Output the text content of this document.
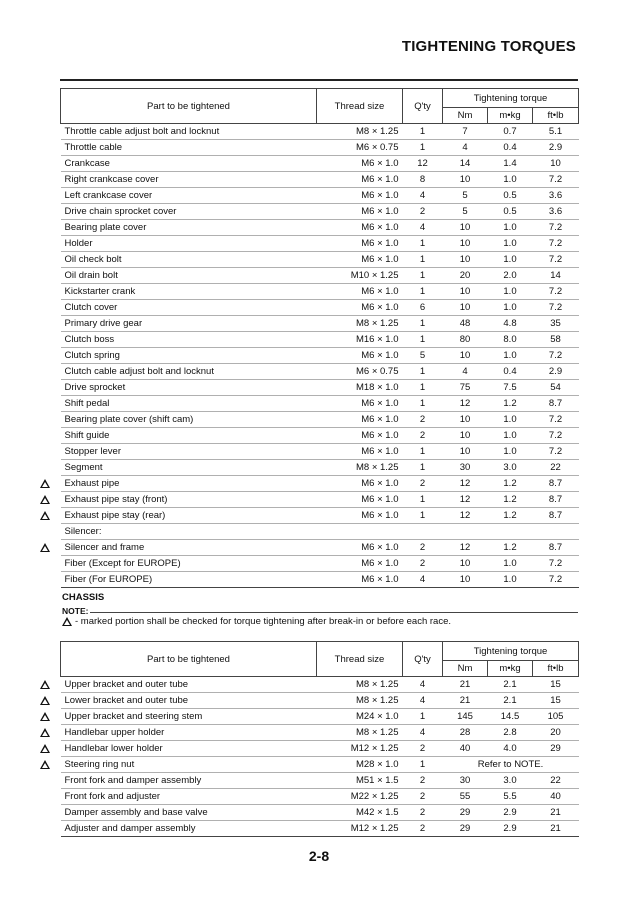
TIGHTENING TORQUES
Part to be tightened	Thread size	Q'ty	Tightening torque		
			Nm	m•kg	ft•lb
Throttle cable adjust bolt and locknut	M8 × 1.25	1	7	0.7	5.1
Throttle cable	M6 × 0.75	1	4	0.4	2.9
Crankcase	M6 × 1.0	12	14	1.4	10
Right crankcase cover	M6 × 1.0	8	10	1.0	7.2
Left crankcase cover	M6 × 1.0	4	5	0.5	3.6
Drive chain sprocket cover	M6 × 1.0	2	5	0.5	3.6
Bearing plate cover	M6 × 1.0	4	10	1.0	7.2
Holder	M6 × 1.0	1	10	1.0	7.2
Oil check bolt	M6 × 1.0	1	10	1.0	7.2
Oil drain bolt	M10 × 1.25	1	20	2.0	14
Kickstarter crank	M6 × 1.0	1	10	1.0	7.2
Clutch cover	M6 × 1.0	6	10	1.0	7.2
Primary drive gear	M8 × 1.25	1	48	4.8	35
Clutch boss	M16 × 1.0	1	80	8.0	58
Clutch spring	M6 × 1.0	5	10	1.0	7.2
Clutch cable adjust bolt and locknut	M6 × 0.75	1	4	0.4	2.9
Drive sprocket	M18 × 1.0	1	75	7.5	54
Shift pedal	M6 × 1.0	1	12	1.2	8.7
Bearing plate cover (shift cam)	M6 × 1.0	2	10	1.0	7.2
Shift guide	M6 × 1.0	2	10	1.0	7.2
Stopper lever	M6 × 1.0	1	10	1.0	7.2
Segment	M8 × 1.25	1	30	3.0	22
Exhaust pipe	M6 × 1.0	2	12	1.2	8.7
Exhaust pipe stay (front)	M6 × 1.0	1	12	1.2	8.7
Exhaust pipe stay (rear)	M6 × 1.0	1	12	1.2	8.7
Silencer:					
Silencer and frame	M6 × 1.0	2	12	1.2	8.7
Fiber (Except for EUROPE)	M6 × 1.0	2	10	1.0	7.2
Fiber (For EUROPE)	M6 × 1.0	4	10	1.0	7.2
CHASSIS
NOTE:
- marked portion shall be checked for torque tightening after break-in or before each race.
Part to be tightened	Thread size	Q'ty	Tightening torque		
			Nm	m•kg	ft•lb
Upper bracket and outer tube	M8 × 1.25	4	21	2.1	15
Lower bracket and outer tube	M8 × 1.25	4	21	2.1	15
Upper bracket and steering stem	M24 × 1.0	1	145	14.5	105
Handlebar upper holder	M8 × 1.25	4	28	2.8	20
Handlebar lower holder	M12 × 1.25	2	40	4.0	29
Steering ring nut	M28 × 1.0	1	Refer to NOTE.		
Front fork and damper assembly	M51 × 1.5	2	30	3.0	22
Front fork and adjuster	M22 × 1.25	2	55	5.5	40
Damper assembly and base valve	M42 × 1.5	2	29	2.9	21
Adjuster and damper assembly	M12 × 1.25	2	29	2.9	21
2-8
